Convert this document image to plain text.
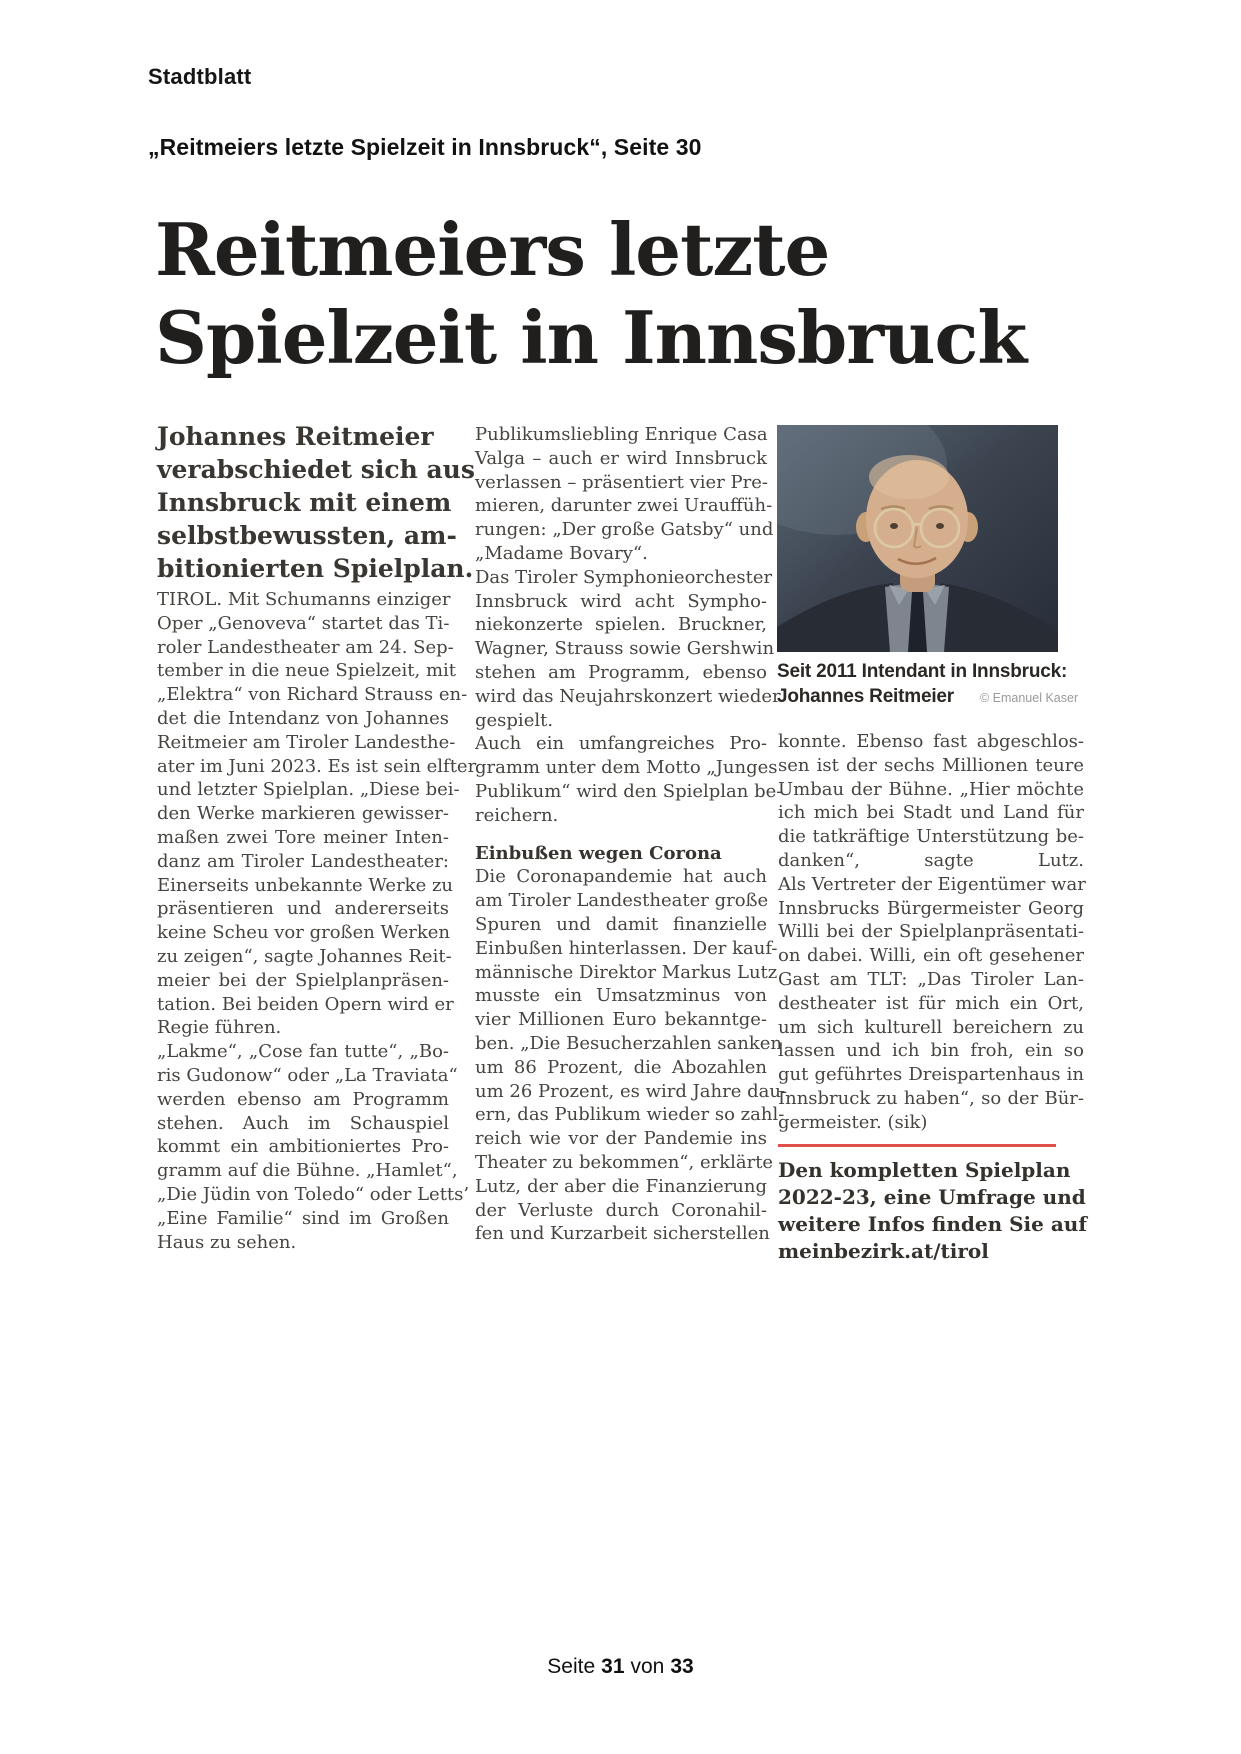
Stadtblatt
„Reitmeiers letzte Spielzeit in Innsbruck“, Seite 30
Reitmeiers letzte
Spielzeit in Innsbruck
Johannes Reitmeier
verabschiedet sich aus
Innsbruck mit einem
selbstbewussten, am-
bitionierten Spielplan.
TIROL. Mit Schumanns einziger
Oper „Genoveva“ startet das Ti-
roler Landestheater am 24. Sep-
tember in die neue Spielzeit, mit
„Elektra“ von Richard Strauss en-
det die Intendanz von Johannes
Reitmeier am Tiroler Landesthe-
ater im Juni 2023. Es ist sein elfter
und letzter Spielplan. „Diese bei-
den Werke markieren gewisser-
maßen zwei Tore meiner Inten-
danz am Tiroler Landestheater:
Einerseits unbekannte Werke zu
präsentieren und andererseits
keine Scheu vor großen Werken
zu zeigen“, sagte Johannes Reit-
meier bei der Spielplanpräsen-
tation. Bei beiden Opern wird er
Regie führen.
„Lakme“, „Cose fan tutte“, „Bo-
ris Gudonow“ oder „La Traviata“
werden ebenso am Programm
stehen. Auch im Schauspiel
kommt ein ambitioniertes Pro-
gramm auf die Bühne. „Hamlet“,
„Die Jüdin von Toledo“ oder Letts’
„Eine Familie“ sind im Großen
Haus zu sehen.
Publikumsliebling Enrique Casa
Valga – auch er wird Innsbruck
verlassen – präsentiert vier Pre-
mieren, darunter zwei Urauffüh-
rungen: „Der große Gatsby“ und
„Madame Bovary“.
Das Tiroler Symphonieorchester
Innsbruck wird acht Sympho-
niekonzerte spielen. Bruckner,
Wagner, Strauss sowie Gershwin
stehen am Programm, ebenso
wird das Neujahrskonzert wieder
gespielt.
Auch ein umfangreiches Pro-
gramm unter dem Motto „Junges
Publikum“ wird den Spielplan be-
reichern.
Einbußen wegen Corona
Die Coronapandemie hat auch
am Tiroler Landestheater große
Spuren und damit finanzielle
Einbußen hinterlassen. Der kauf-
männische Direktor Markus Lutz
musste ein Umsatzminus von
vier Millionen Euro bekanntge-
ben. „Die Besucherzahlen sanken
um 86 Prozent, die Abozahlen
um 26 Prozent, es wird Jahre dau-
ern, das Publikum wieder so zahl-
reich wie vor der Pandemie ins
Theater zu bekommen“, erklärte
Lutz, der aber die Finanzierung
der Verluste durch Coronahil-
fen und Kurzarbeit sicherstellen
Seit 2011 Intendant in Innsbruck:
Johannes Reitmeier © Emanuel Kaser
konnte. Ebenso fast abgeschlos-
sen ist der sechs Millionen teure
Umbau der Bühne. „Hier möchte
ich mich bei Stadt und Land für
die tatkräftige Unterstützung be-
danken“, sagte Lutz.
Als Vertreter der Eigentümer war
Innsbrucks Bürgermeister Georg
Willi bei der Spielplanpräsentati-
on dabei. Willi, ein oft gesehener
Gast am TLT: „Das Tiroler Lan-
destheater ist für mich ein Ort,
um sich kulturell bereichern zu
lassen und ich bin froh, ein so
gut geführtes Dreispartenhaus in
Innsbruck zu haben“, so der Bür-
germeister. (sik)
Den kompletten Spielplan
2022-23, eine Umfrage und
weitere Infos finden Sie auf
meinbezirk.at/tirol
Seite 31 von 33
